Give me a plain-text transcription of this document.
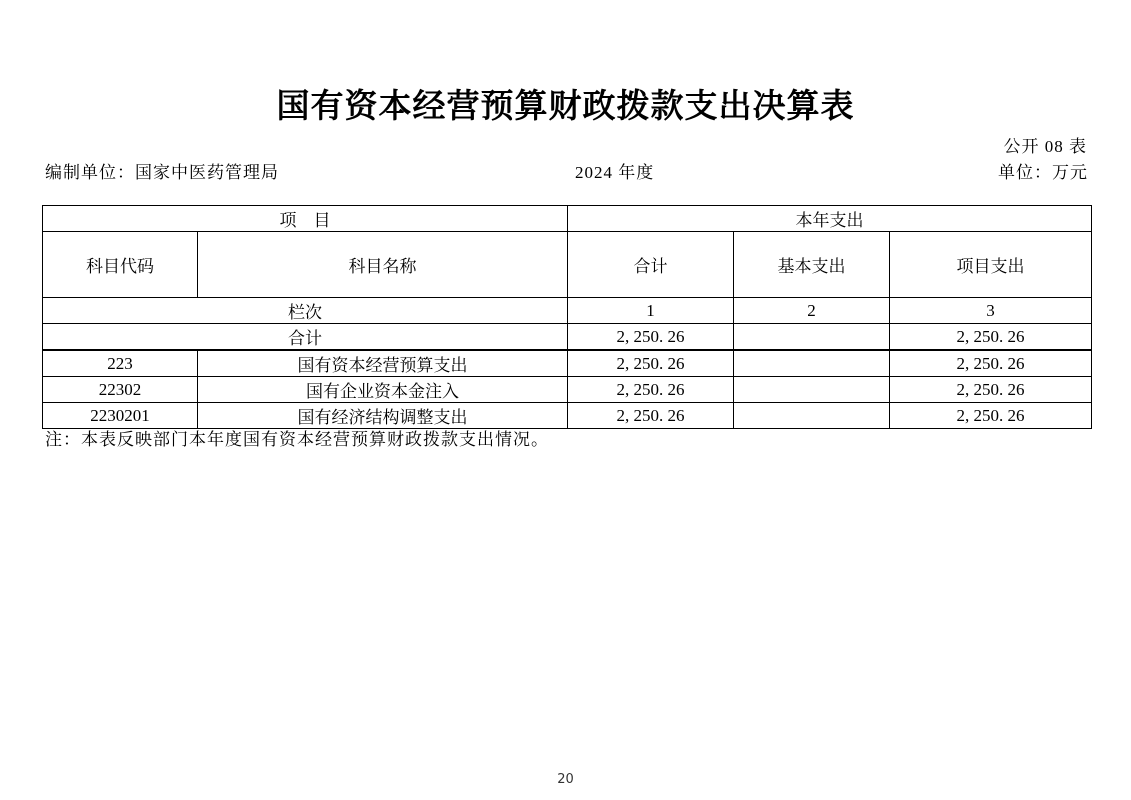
国有资本经营预算财政拨款支出决算表
公开 08 表
编制单位：国家中医药管理局	2024 年度	单位：万元
项　目		本年支出		
科目代码	科目名称	合计	基本支出	项目支出
栏次		1	2	3
合计		2, 250. 26		2, 250. 26
223	国有资本经营预算支出	2, 250. 26		2, 250. 26
22302	国有企业资本金注入	2, 250. 26		2, 250. 26
2230201	国有经济结构调整支出	2, 250. 26		2, 250. 26
注：本表反映部门本年度国有资本经营预算财政拨款支出情况。
20
